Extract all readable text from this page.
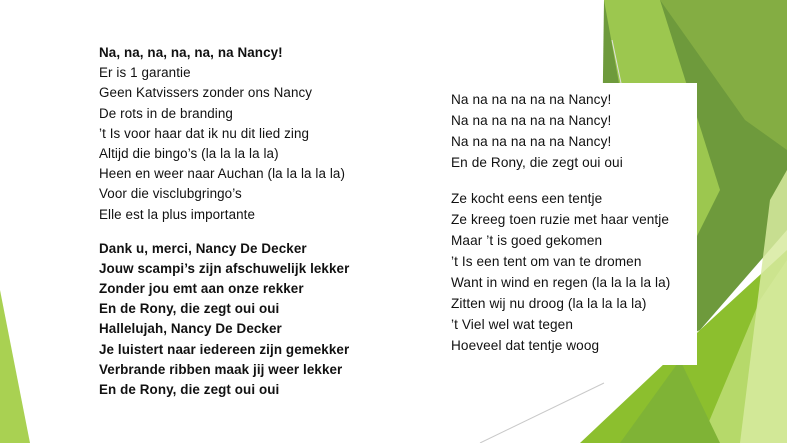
Na, na, na, na, na, na Nancy!
Er is 1 garantie
Geen Katvissers zonder ons Nancy
De rots in de branding
’t Is voor haar dat ik nu dit lied zing
Altijd die bingo’s (la la la la la)
Heen en weer naar Auchan (la la la la la)
Voor die visclubgringo’s
Elle est la plus importante
Dank u, merci, Nancy De Decker
Jouw scampi’s zijn afschuwelijk lekker
Zonder jou emt aan onze rekker
En de Rony, die zegt oui oui
Hallelujah, Nancy De Decker
Je luistert naar iedereen zijn gemekker
Verbrande ribben maak jij weer lekker
En de Rony, die zegt oui oui
Na na na na na na Nancy!
Na na na na na na Nancy!
Na na na na na na Nancy!
En de Rony, die zegt oui oui
Ze kocht eens een tentje
Ze kreeg toen ruzie met haar ventje
Maar ’t is goed gekomen
’t Is een tent om van te dromen
Want in wind en regen (la la la la la)
Zitten wij nu droog (la la la la la)
’t Viel wel wat tegen
Hoeveel dat tentje woog
